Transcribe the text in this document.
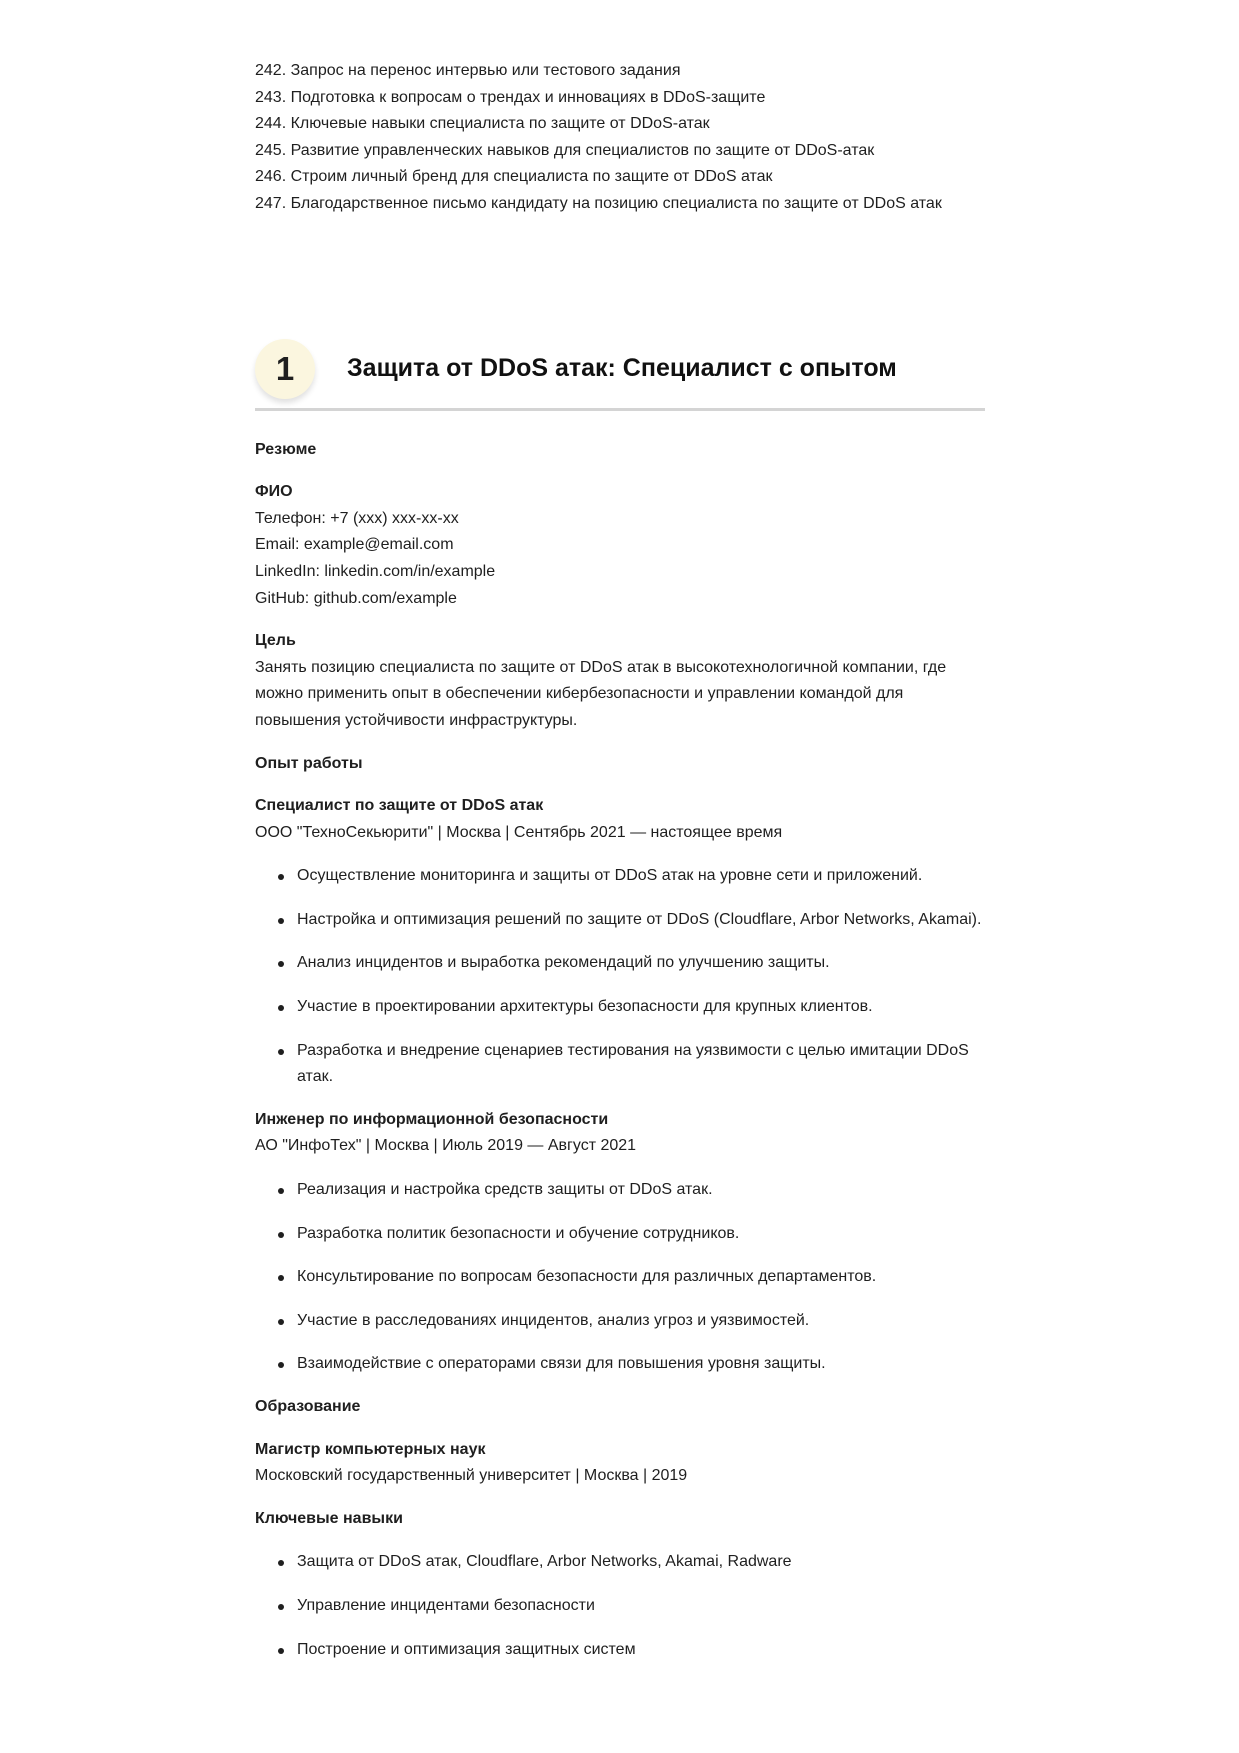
242. Запрос на перенос интервью или тестового задания
243. Подготовка к вопросам о трендах и инновациях в DDoS-защите
244. Ключевые навыки специалиста по защите от DDoS-атак
245. Развитие управленческих навыков для специалистов по защите от DDoS-атак
246. Строим личный бренд для специалиста по защите от DDoS атак
247. Благодарственное письмо кандидату на позицию специалиста по защите от DDoS атак
1	Защита от DDoS атак: Специалист с опытом
Резюме
ФИО
Телефон: +7 (xxx) xxx-xx-xx
Email: example@email.com
LinkedIn: linkedin.com/in/example
GitHub: github.com/example
Цель

Занять позицию специалиста по защите от DDoS атак в высокотехнологичной компании, где можно применить опыт в обеспечении кибербезопасности и управлении командой для повышения устойчивости инфраструктуры.

Опыт работы
Специалист по защите от DDoS атак
ООО "ТехноСекьюрити" | Москва | Сентябрь 2021 — настоящее время
Осуществление мониторинга и защиты от DDoS атак на уровне сети и приложений.
Настройка и оптимизация решений по защите от DDoS (Cloudflare, Arbor Networks, Akamai).
Анализ инцидентов и выработка рекомендаций по улучшению защиты.
Участие в проектировании архитектуры безопасности для крупных клиентов.
Разработка и внедрение сценариев тестирования на уязвимости с целью имитации DDoS атак.
Инженер по информационной безопасности
АО "ИнфоТех" | Москва | Июль 2019 — Август 2021
Реализация и настройка средств защиты от DDoS атак.
Разработка политик безопасности и обучение сотрудников.
Консультирование по вопросам безопасности для различных департаментов.
Участие в расследованиях инцидентов, анализ угроз и уязвимостей.
Взаимодействие с операторами связи для повышения уровня защиты.
Образование
Магистр компьютерных наук
Московский государственный университет | Москва | 2019
Ключевые навыки
Защита от DDoS атак, Cloudflare, Arbor Networks, Akamai, Radware
Управление инцидентами безопасности
Построение и оптимизация защитных систем
